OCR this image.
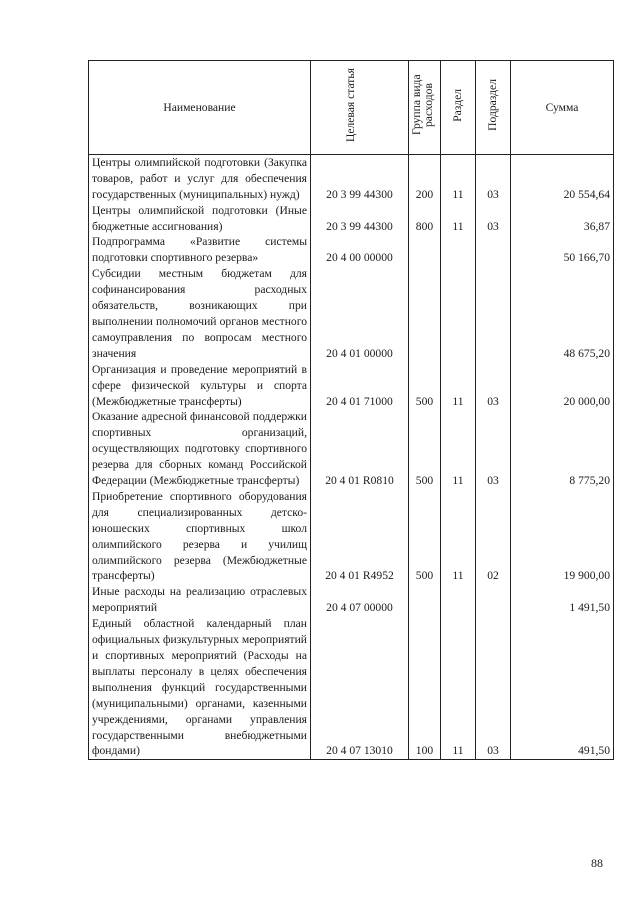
Наименование	Целевая статья	Группа вида расходов	Раздел	Подраздел	Сумма
Центры олимпийской подготовки (Закупка товаров, работ и услуг для обеспечения государственных (муниципальных) нужд)	20 3 99 44300	200	11	03	20 554,64
Центры олимпийской подготовки (Иные бюджетные ассигнования)	20 3 99 44300	800	11	03	36,87
Подпрограмма «Развитие системы подготовки спортивного резерва»	20 4 00 00000				50 166,70
Субсидии местным бюджетам для софинансирования расходных обязательств, возникающих при выполнении полномочий органов местного самоуправления по вопросам местного значения	20 4 01 00000				48 675,20
Организация и проведение мероприятий в сфере физической культуры и спорта (Межбюджетные трансферты)	20 4 01 71000	500	11	03	20 000,00
Оказание адресной финансовой поддержки спортивных организаций, осуществляющих подготовку спортивного резерва для сборных команд Российской Федерации (Межбюджетные трансферты)	20 4 01 R0810	500	11	03	8 775,20
Приобретение спортивного оборудования для специализированных детско-юношеских спортивных школ олимпийского резерва и училищ олимпийского резерва (Межбюджетные трансферты)	20 4 01 R4952	500	11	02	19 900,00
Иные расходы на реализацию отраслевых мероприятий	20 4 07 00000				1 491,50
Единый областной календарный план официальных физкультурных мероприятий и спортивных мероприятий (Расходы на выплаты персоналу в целях обеспечения выполнения функций государственными (муниципальными) органами, казенными учреждениями, органами управления государственными внебюджетными фондами)	20 4 07 13010	100	11	03	491,50
88
